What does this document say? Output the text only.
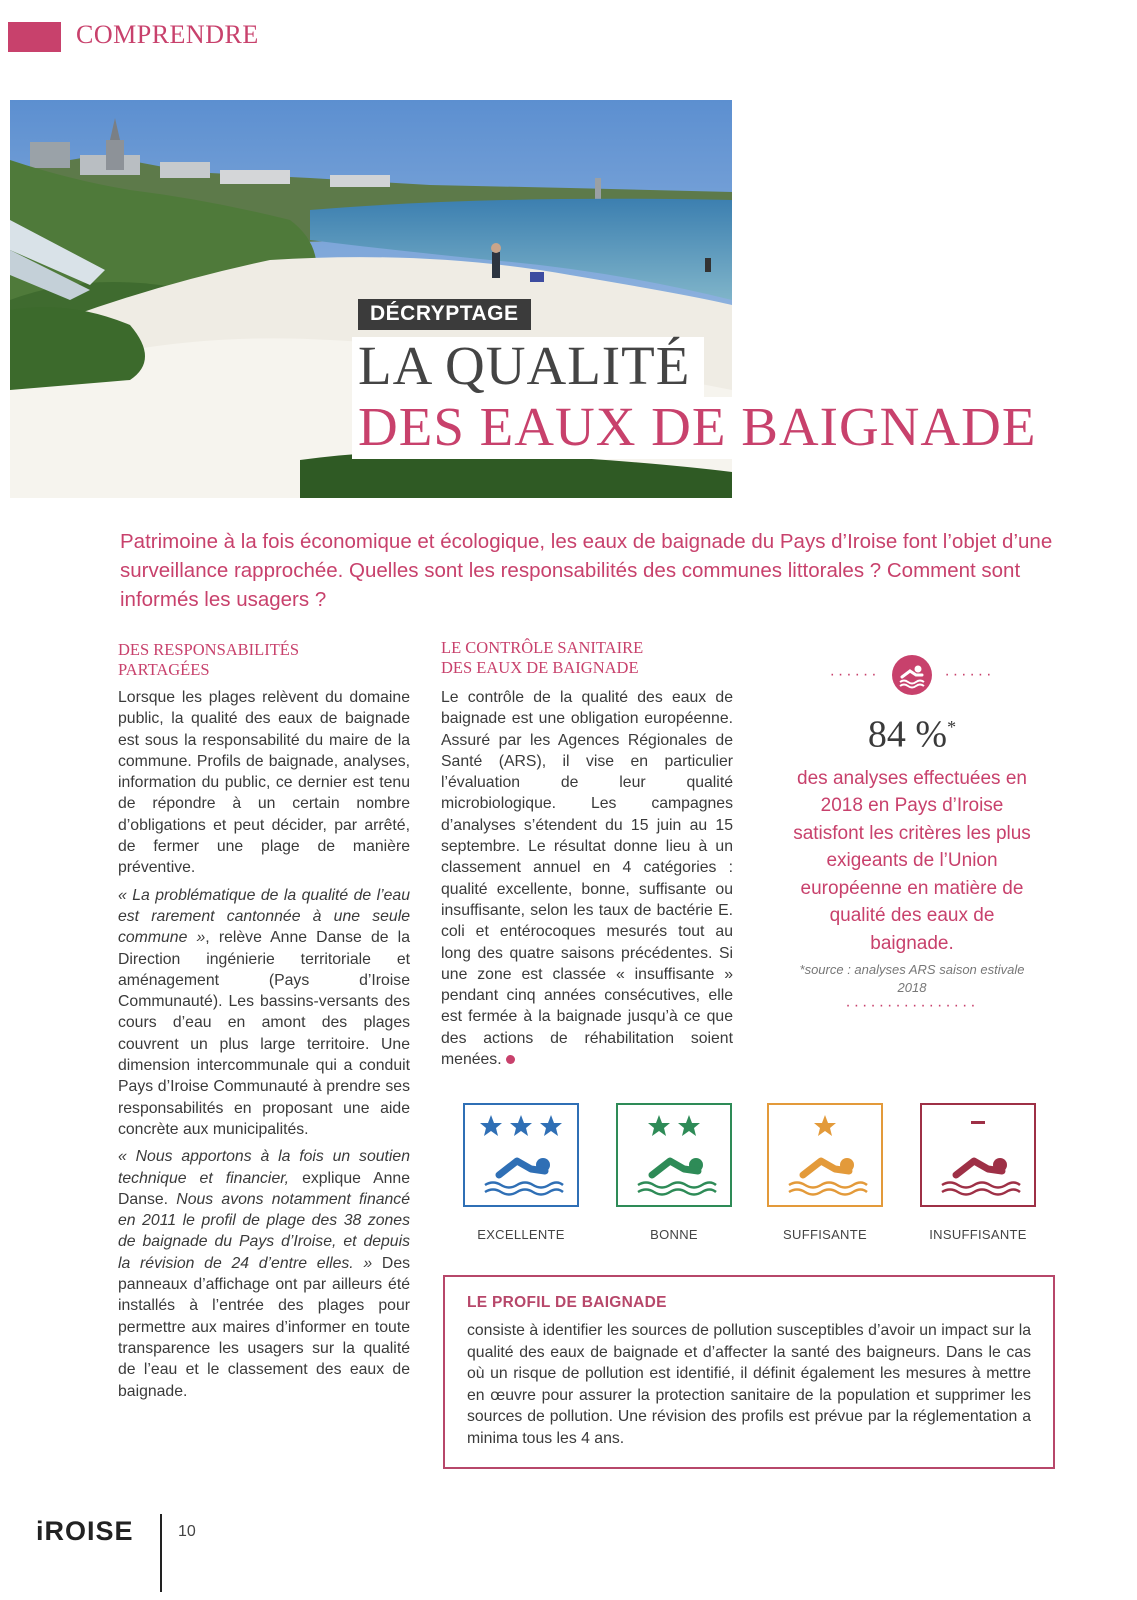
COMPRENDRE
DÉCRYPTAGE
LA QUALITÉ
DES EAUX DE BAIGNADE
Patrimoine à la fois économique et écologique, les eaux de baignade du Pays d’Iroise font l’objet d’une surveillance rapprochée. Quelles sont les responsabilités des communes littorales ? Comment sont informés les usagers ?
DES RESPONSABILITÉS
PARTAGÉES

Lorsque les plages relèvent du domaine public, la qualité des eaux de baignade est sous la responsabilité du maire de la commune. Profils de baignade, analyses, information du public, ce dernier est tenu de répondre à un certain nombre d’obligations et peut décider, par arrêté, de fermer une plage de manière préventive.

« La problématique de la qualité de l’eau est rarement cantonnée à une seule commune », relève Anne Danse de la Direction ingénierie territoriale et aménagement (Pays d’Iroise Communauté). Les bassins-versants des cours d’eau en amont des plages couvrent un plus large territoire. Une dimension intercommunale qui a conduit Pays d’Iroise Communauté à prendre ses responsabilités en proposant une aide concrète aux municipalités.

« Nous apportons à la fois un soutien technique et financier, explique Anne Danse. Nous avons notamment financé en 2011 le profil de plage des 38 zones de baignade du Pays d’Iroise, et depuis la révision de 24 d’entre elles. » Des panneaux d’affichage ont par ailleurs été installés à l’entrée des plages pour permettre aux maires d’informer en toute transparence les usagers sur la qualité de l’eau et le classement des eaux de baignade.

LE CONTRÔLE SANITAIRE
DES EAUX DE BAIGNADE

Le contrôle de la qualité des eaux de baignade est une obligation européenne. Assuré par les Agences Régionales de Santé (ARS), il vise en particulier l’évaluation de leur qualité microbiologique. Les campagnes d’analyses s’étendent du 15 juin au 15 septembre. Le résultat donne lieu à un classement annuel en 4 catégories : qualité excellente, bonne, suffisante ou insuffisante, selon les taux de bactérie E. coli et entérocoques mesurés tout au long des quatre saisons précédentes. Si une zone est classée « insuffisante » pendant cinq années consécutives, elle est fermée à la baignade jusqu’à ce que des actions de réhabilitation soient menées.

······	······
84 %*
des analyses effectuées en 2018 en Pays d’Iroise satisfont les critères les plus exigeants de l’Union européenne en matière de qualité des eaux de baignade.
*source : analyses ARS saison estivale 2018
················
EXCELLENTE	BONNE	SUFFISANTE	INSUFFISANTE
LE PROFIL DE BAIGNADE
consiste à identifier les sources de pollution susceptibles d’avoir un impact sur la qualité des eaux de baignade et d’affecter la santé des baigneurs. Dans le cas où un risque de pollution est identifié, il définit également les mesures à mettre en œuvre pour assurer la protection sanitaire de la population et supprimer les sources de pollution. Une révision des profils est prévue par la réglementation a minima tous les 4 ans.
iROISE	10
